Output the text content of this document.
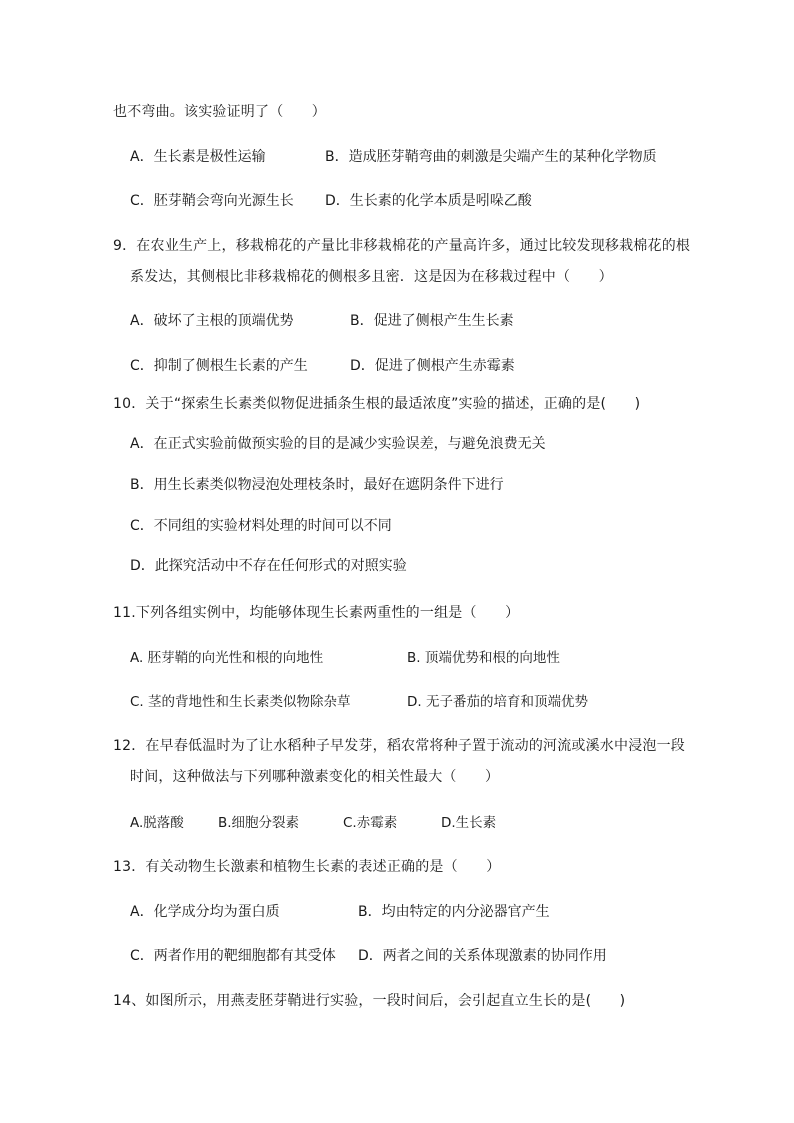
也不弯曲。该实验证明了（　　）
A．生长素是极性运输	B．造成胚芽鞘弯曲的刺激是尖端产生的某种化学物质
C．胚芽鞘会弯向光源生长 D．生长素的化学本质是吲哚乙酸
9．在农业生产上，移栽棉花的产量比非移栽棉花的产量高许多，通过比较发现移栽棉花的根
系发达，其侧根比非移栽棉花的侧根多且密．这是因为在移栽过程中（　　）
A．破坏了主根的顶端优势	B．促进了侧根产生生长素
C．抑制了侧根生长素的产生	D．促进了侧根产生赤霉素
10．关于“探索生长素类似物促进插条生根的最适浓度”实验的描述，正确的是(　　)
A．在正式实验前做预实验的目的是减少实验误差，与避免浪费无关
B．用生长素类似物浸泡处理枝条时，最好在遮阴条件下进行
C．不同组的实验材料处理的时间可以不同
D．此探究活动中不存在任何形式的对照实验
11.下列各组实例中，均能够体现生长素两重性的一组是（　　）
A. 胚芽鞘的向光性和根的向地性	B. 顶端优势和根的向地性
C. 茎的背地性和生长素类似物除杂草	D. 无子番茄的培育和顶端优势
12．在早春低温时为了让水稻种子早发芽，稻农常将种子置于流动的河流或溪水中浸泡一段
时间，这种做法与下列哪种激素变化的相关性最大（　　）
A.脱落酸	B.细胞分裂素	C.赤霉素	D.生长素
13．有关动物生长激素和植物生长素的表述正确的是（　　）
A．化学成分均为蛋白质	B．均由特定的内分泌器官产生
C．两者作用的靶细胞都有其受体 D．两者之间的关系体现激素的协同作用
14、如图所示，用燕麦胚芽鞘进行实验，一段时间后，会引起直立生长的是(　　)
